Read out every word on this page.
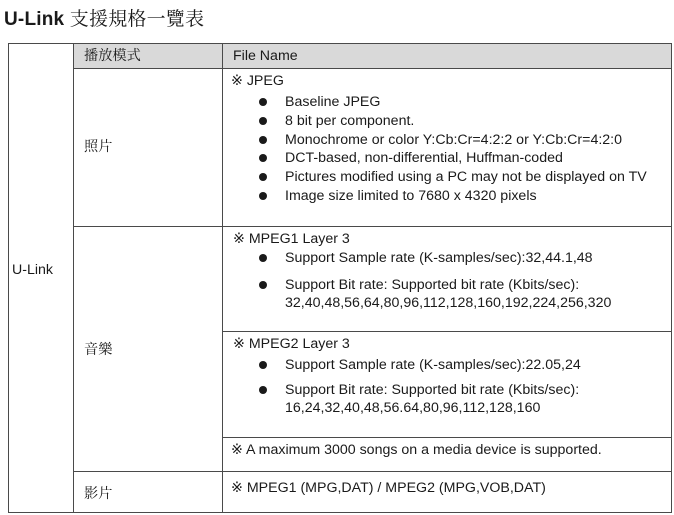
U-Link 支援規格一覽表
播放模式	File Name
U-Link
照片
音樂
影片
※ JPEG
Baseline JPEG
8 bit per component.
Monochrome or color Y:Cb:Cr=4:2:2 or Y:Cb:Cr=4:2:0
DCT-based, non-differential, Huffman-coded
Pictures modified using a PC may not be displayed on TV
Image size limited to 7680 x 4320 pixels
※ MPEG1 Layer 3
Support Sample rate (K-samples/sec):32,44.1,48
Support Bit rate: Supported bit rate (Kbits/sec):
32,40,48,56,64,80,96,112,128,160,192,224,256,320
※ MPEG2 Layer 3
Support Sample rate (K-samples/sec):22.05,24
Support Bit rate: Supported bit rate (Kbits/sec):
16,24,32,40,48,56.64,80,96,112,128,160
※ A maximum 3000 songs on a media device is supported.
※ MPEG1 (MPG,DAT) / MPEG2 (MPG,VOB,DAT)
